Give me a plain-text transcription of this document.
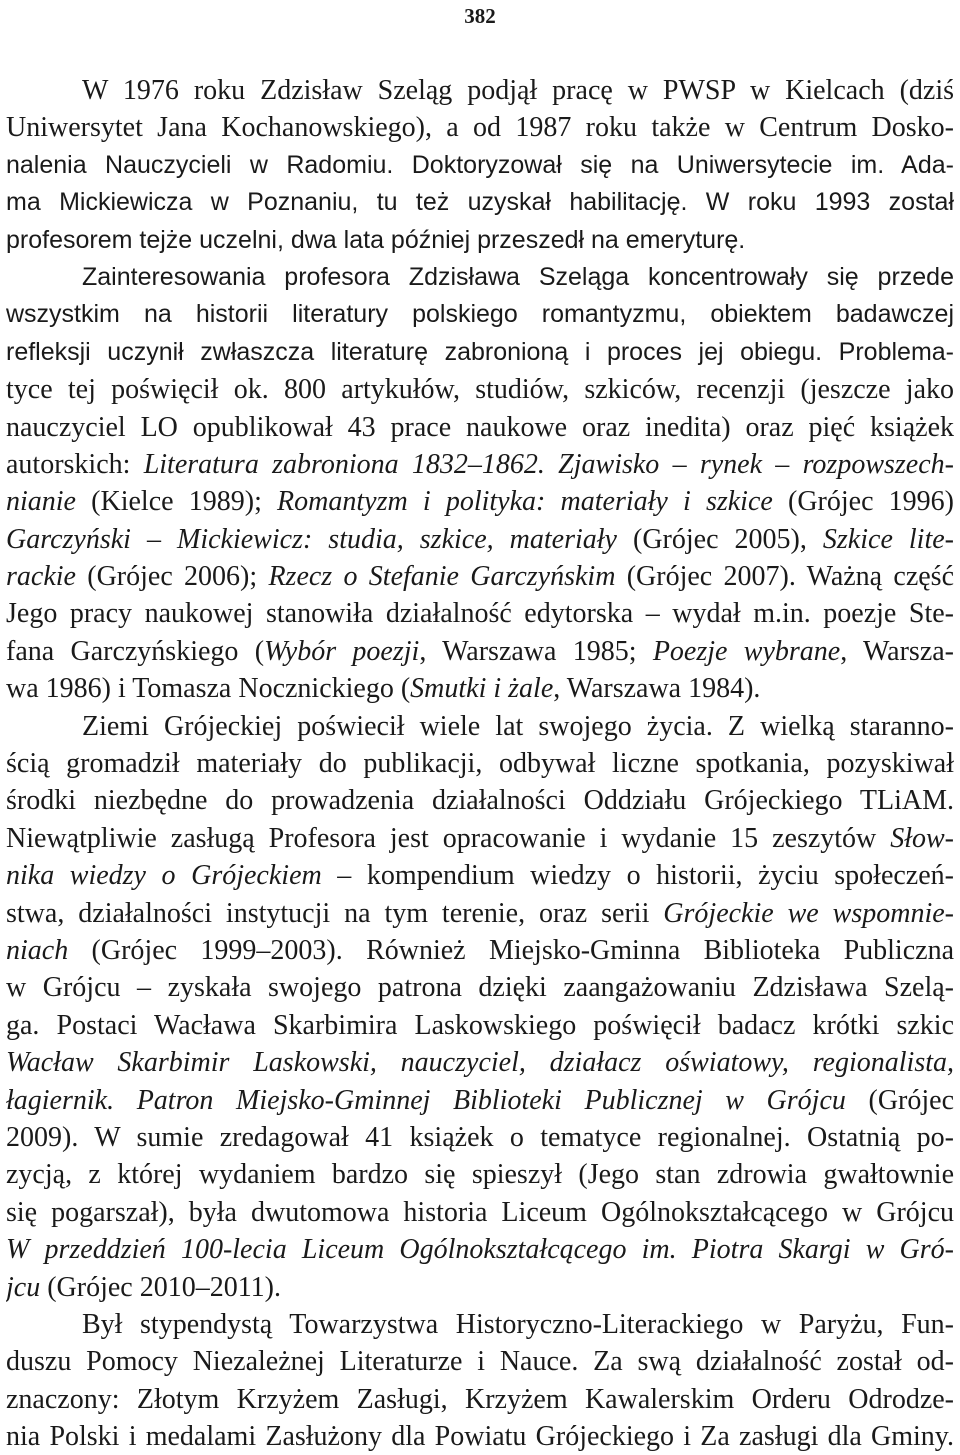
382
W 1976 roku Zdzisław Szeląg podjął pracę w PWSP w Kielcach (dziś
Uniwersytet Jana Kochanowskiego), a od 1987 roku także w Centrum Dosko-
nalenia Nauczycieli w Radomiu. Doktoryzował się na Uniwersytecie im. Ada-
ma Mickiewicza w Poznaniu, tu też uzyskał habilitację. W roku 1993 został
profesorem tejże uczelni, dwa lata później przeszedł na emeryturę.
Zainteresowania profesora Zdzisława Szeląga koncentrowały się przede
wszystkim na historii literatury polskiego romantyzmu, obiektem badawczej
refleksji uczynił zwłaszcza literaturę zabronioną i proces jej obiegu. Problema-
tyce tej poświęcił ok. 800 artykułów, studiów, szkiców, recenzji (jeszcze jako
nauczyciel LO opublikował 43 prace naukowe oraz inedita) oraz pięć książek
autorskich: Literatura zabroniona 1832–1862. Zjawisko – rynek – rozpowszech-
nianie (Kielce 1989); Romantyzm i polityka: materiały i szkice (Grójec 1996)
Garczyński – Mickiewicz: studia, szkice, materiały (Grójec 2005), Szkice lite-
rackie (Grójec 2006); Rzecz o Stefanie Garczyńskim (Grójec 2007). Ważną część
Jego pracy naukowej stanowiła działalność edytorska – wydał m.in. poezje Ste-
fana Garczyńskiego (Wybór poezji, Warszawa 1985; Poezje wybrane, Warsza-
wa 1986) i Tomasza Nocznickiego (Smutki i żale, Warszawa 1984).
Ziemi Grójeckiej poświecił wiele lat swojego życia. Z wielką staranno-
ścią gromadził materiały do publikacji, odbywał liczne spotkania, pozyskiwał
środki niezbędne do prowadzenia działalności Oddziału Grójeckiego TLiAM.
Niewątpliwie zasługą Profesora jest opracowanie i wydanie 15 zeszytów Słow-
nika wiedzy o Grójeckiem – kompendium wiedzy o historii, życiu społeczeń-
stwa, działalności instytucji na tym terenie, oraz serii Grójeckie we wspomnie-
niach (Grójec 1999–2003). Również Miejsko-Gminna Biblioteka Publiczna
w Grójcu – zyskała swojego patrona dzięki zaangażowaniu Zdzisława Szelą-
ga. Postaci Wacława Skarbimira Laskowskiego poświęcił badacz krótki szkic
Wacław Skarbimir Laskowski, nauczyciel, działacz oświatowy, regionalista,
łagiernik. Patron Miejsko-Gminnej Biblioteki Publicznej w Grójcu (Grójec
2009). W sumie zredagował 41 książek o tematyce regionalnej. Ostatnią po-
zycją, z której wydaniem bardzo się spieszył (Jego stan zdrowia gwałtownie
się pogarszał), była dwutomowa historia Liceum Ogólnokształcącego w Grójcu
W przeddzień 100-lecia Liceum Ogólnokształcącego im. Piotra Skargi w Gró-
jcu (Grójec 2010–2011).
Był stypendystą Towarzystwa Historyczno-Literackiego w Paryżu, Fun-
duszu Pomocy Niezależnej Literaturze i Nauce. Za swą działalność został od-
znaczony: Złotym Krzyżem Zasługi, Krzyżem Kawalerskim Orderu Odrodze-
nia Polski i medalami Zasłużony dla Powiatu Grójeckiego i Za zasługi dla Gminy.
